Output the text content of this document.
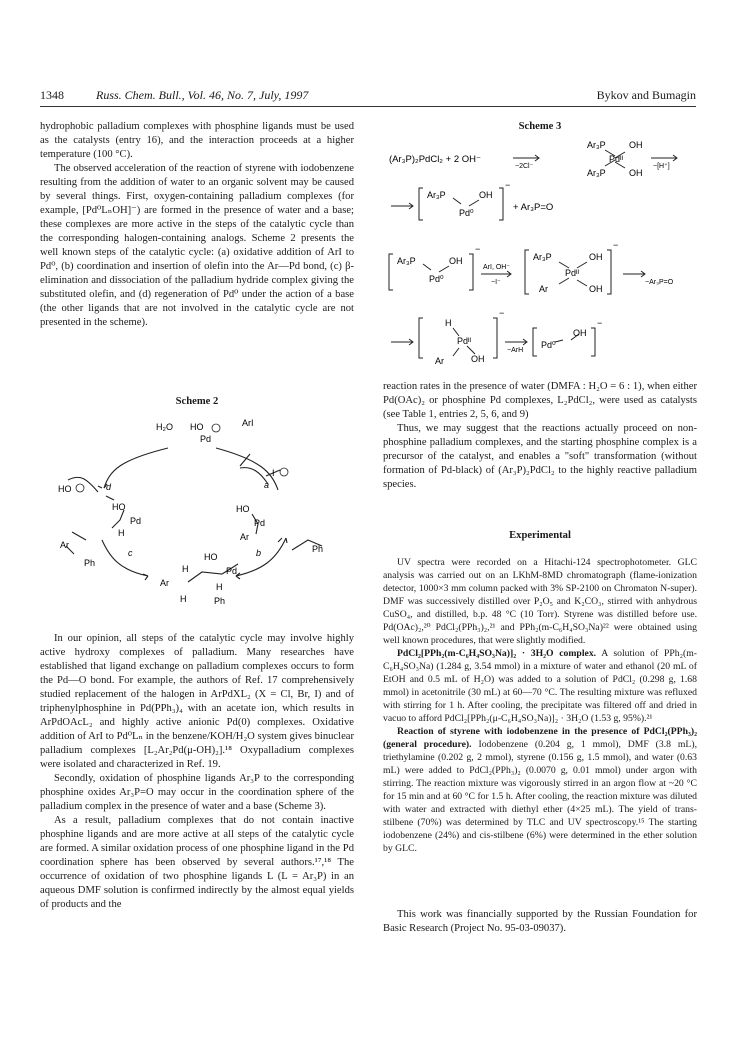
1348	Russ. Chem. Bull., Vol. 46, No. 7, July, 1997	Bykov and Bumagin

hydrophobic palladium complexes with phosphine ligands must be used as the catalysts (entry 16), and the interaction proceeds at a higher temperature (100 °C).

The observed acceleration of the reaction of styrene with iodobenzene resulting from the addition of water to an organic solvent may be caused by several things. First, oxygen-containing palladium complexes (for example, [Pd⁰LₙOH]⁻) are formed in the presence of water and a base; these complexes are more active in the steps of the catalytic cycle than the corresponding halogen-containing analogs. Scheme 2 presents the well known steps of the catalytic cycle: (a) oxidative addition of ArI to Pd⁰, (b) coordination and insertion of olefin into the Ar—Pd bond, (c) β-elimination and dissociation of the palladium hydride complex giving the substituted olefin, and (d) regeneration of Pd⁰ under the action of a base (the other ligands that are not involved in the catalytic cycle are not presented in the scheme).

Scheme 2
H₂O HO
Pd
ArI
HO
I
d	a
HO
Pd
H
Ar
HO
Pd
Ar
c	b	Ph
Ph
HO
Pd
H
Ar	H
H	Ph

In our opinion, all steps of the catalytic cycle may involve highly active hydroxy complexes of palladium. Many researches have established that ligand exchange on palladium complexes occurs to form the Pd—O bond. For example, the authors of Ref. 17 comprehensively studied replacement of the halogen in ArPdXL₂ (X = Cl, Br, I) and of triphenylphosphine in Pd(PPh₃)₄ with an acetate ion, which results in ArPdOAcL₂ and highly active anionic Pd(0) complexes. Oxidative addition of ArI to Pd⁰Lₙ in the benzene/KOH/H₂O system gives binuclear palladium complexes [L₂Ar₂Pd(μ-OH)₂].¹⁸ Oxypalladium complexes were isolated and characterized in Ref. 19.

Secondly, oxidation of phosphine ligands Ar₃P to the corresponding phosphine oxides Ar₃P=O may occur in the coordination sphere of the palladium complex in the presence of water and a base (Scheme 3).

As a result, palladium complexes that do not contain inactive phosphine ligands and are more active at all steps of the catalytic cycle are formed. A similar oxidation process of one phosphine ligand in the Pd coordination sphere has been observed by several authors.¹⁷,¹⁸ The occurrence of oxidation of two phosphine ligands L (L = Ar₃P) in an aqueous DMF solution is confirmed indirectly by the almost equal yields of products and the

Scheme 3
(Ar₃P)₂PdCl₂ + 2 OH⁻
−2Cl⁻
Ar₃P	OH
Pdᴵᴵ
Ar₃P	OH
−[H⁺]
Ar₃P
Pd⁰
OH
−
+ Ar₃P=O
Ar₃P
Pd⁰
OH
−
ArI, OH⁻
−I⁻
Ar₃P	OH
Pdᴵᴵ
Ar	OH
−
−Ar₃P=O
H
Pdᴵᴵ
Ar	OH
−
−ArH
Pd⁰
OH
−

reaction rates in the presence of water (DMFA : H₂O = 6 : 1), when either Pd(OAc)₂ or phosphine Pd complexes, L₂PdCl₂, were used as catalysts (see Table 1, entries 2, 5, 6, and 9)

Thus, we may suggest that the reactions actually proceed on non-phosphine palladium complexes, and the starting phosphine complex is a precursor of the catalyst, and enables a "soft" transformation (without formation of Pd-black) of (Ar₃P)₂PdCl₂ to the highly reactive palladium species.

Experimental

UV spectra were recorded on a Hitachi-124 spectrophotometer. GLC analysis was carried out on an LKhM-8MD chromatograph (flame-ionization detector, 1000×3 mm column packed with 3% SP-2100 on Chromaton N-super). DMF was successively distilled over P₂O₅ and K₂CO₃, stirred with anhydrous CuSO₄, and distilled, b.p. 48 °C (10 Torr). Styrene was distilled before use. Pd(OAc)₂,²⁰ PdCl₂(PPh₃)₂,²¹ and PPh₂(m-C₆H₄SO₃Na)²² were obtained using well known procedures, that were slightly modified.

PdCl₂[PPh₂(m-C₆H₄SO₃Na)]₂ · 3H₂O complex. A solution of PPh₂(m-C₆H₄SO₃Na) (1.284 g, 3.54 mmol) in a mixture of water and ethanol (20 mL of EtOH and 0.5 mL of H₂O) was added to a solution of PdCl₂ (0.298 g, 1.68 mmol) in acetonitrile (30 mL) at 60—70 °C. The resulting mixture was refluxed with stirring for 1 h. After cooling, the precipitate was filtered off and dried in vacuo to afford PdCl₂[PPh₂(μ-C₆H₄SO₃Na)]₂ · 3H₂O (1.53 g, 95%).²¹

Reaction of styrene with iodobenzene in the presence of PdCl₂(PPh₃)₂ (general procedure). Iodobenzene (0.204 g, 1 mmol), DMF (3.8 mL), triethylamine (0.202 g, 2 mmol), styrene (0.156 g, 1.5 mmol), and water (0.63 mL) were added to PdCl₂(PPh₃)₂ (0.0070 g, 0.01 mmol) under argon with stirring. The reaction mixture was vigorously stirred in an argon flow at ~20 °C for 15 min and at 60 °C for 1.5 h. After cooling, the reaction mixture was diluted with water and extracted with diethyl ether (4×25 mL). The yield of trans-stilbene (70%) was determined by TLC and UV spectroscopy.¹⁵ The starting iodobenzene (24%) and cis-stilbene (6%) were determined in the ether solution by GLC.

This work was financially supported by the Russian Foundation for Basic Research (Project No. 95-03-09037).
